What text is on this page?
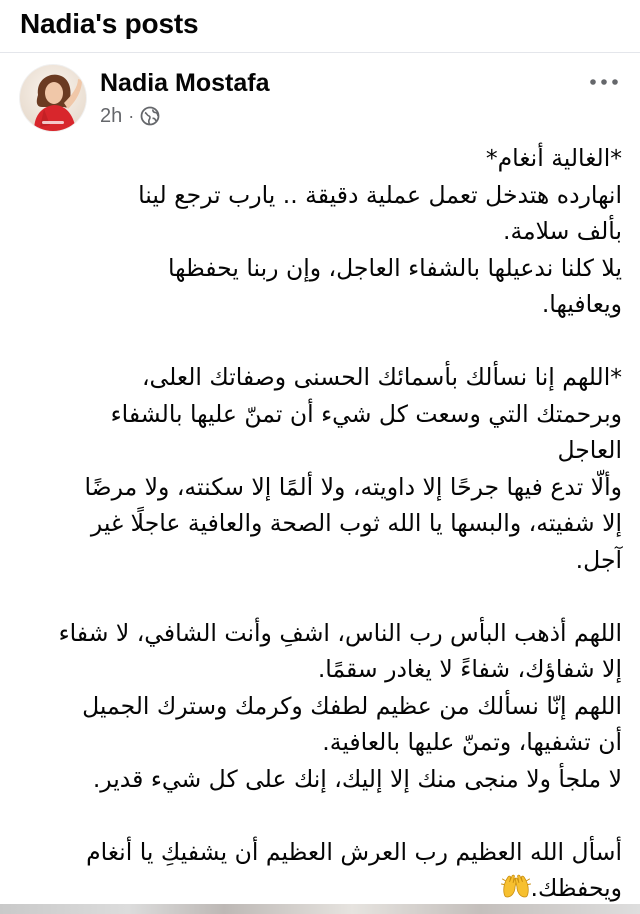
Nadia's posts
Nadia Mostafa
2h ·

*الغالية أنغام*

انهارده هتدخل تعمل عملية دقيقة .. يارب ترجع لينا

بألف سلامة.

يلا كلنا ندعيلها بالشفاء العاجل، وإن ربنا يحفظها

ويعافيها.

*اللهم إنا نسألك بأسمائك الحسنى وصفاتك العلى،

وبرحمتك التي وسعت كل شيء أن تمنّ عليها بالشفاء

العاجل

وألّا تدع فيها جرحًا إلا داويته، ولا ألمًا إلا سكنته، ولا مرضًا

إلا شفيته، والبسها يا الله ثوب الصحة والعافية عاجلًا غير

آجل.

اللهم أذهب البأس رب الناس، اشفِ وأنت الشافي، لا شفاء

إلا شفاؤك، شفاءً لا يغادر سقمًا.

اللهم إنّا نسألك من عظيم لطفك وكرمك وسترك الجميل

أن تشفيها، وتمنّ عليها بالعافية.

لا ملجأ ولا منجى منك إلا إليك، إنك على كل شيء قدير.

أسأل الله العظيم رب العرش العظيم أن يشفيكِ يا أنغام

ويحفظك.
